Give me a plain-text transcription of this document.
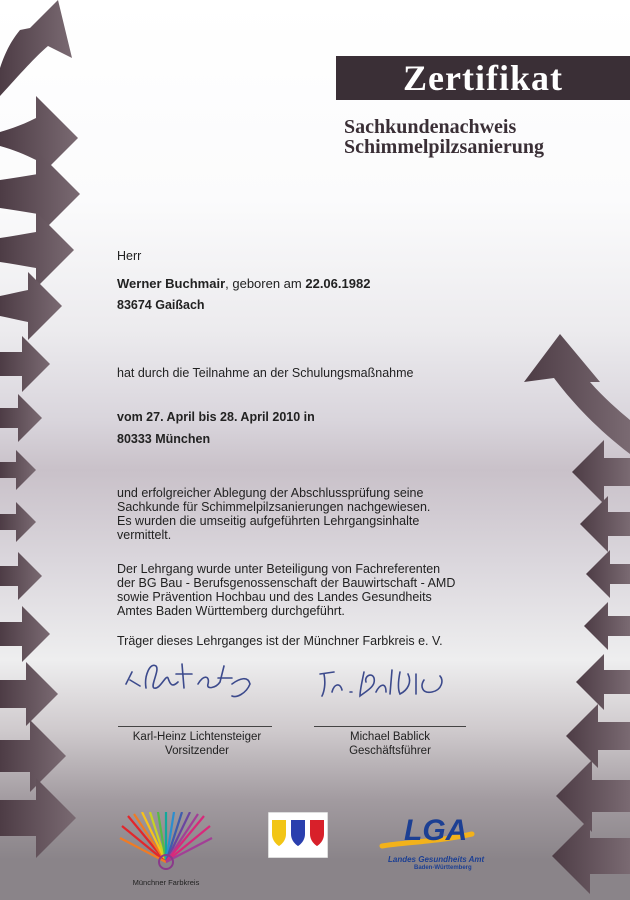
Zertifikat
Sachkundenachweis
Schimmelpilzsanierung
Herr
Werner Buchmair, geboren am 22.06.1982
83674 Gaißach
hat durch die Teilnahme an der Schulungsmaßnahme
vom 27. April bis 28. April 2010 in
80333 München
und erfolgreicher Ablegung der Abschlussprüfung seine
Sachkunde für Schimmelpilzsanierungen nachgewiesen.
Es wurden die umseitig aufgeführten Lehrgangsinhalte
vermittelt.
Der Lehrgang wurde unter Beteiligung von Fachreferenten
der BG Bau - Berufsgenossenschaft der Bauwirtschaft - AMD
sowie Prävention Hochbau und des Landes Gesundheits
Amtes Baden Württemberg durchgeführt.
Träger dieses Lehrganges ist der Münchner Farbkreis e. V.
Karl-Heinz Lichtensteiger
Vorsitzender
Michael Bablick
Geschäftsführer
Münchner Farbkreis
LGA
Landes Gesundheits Amt
Baden-Württemberg
